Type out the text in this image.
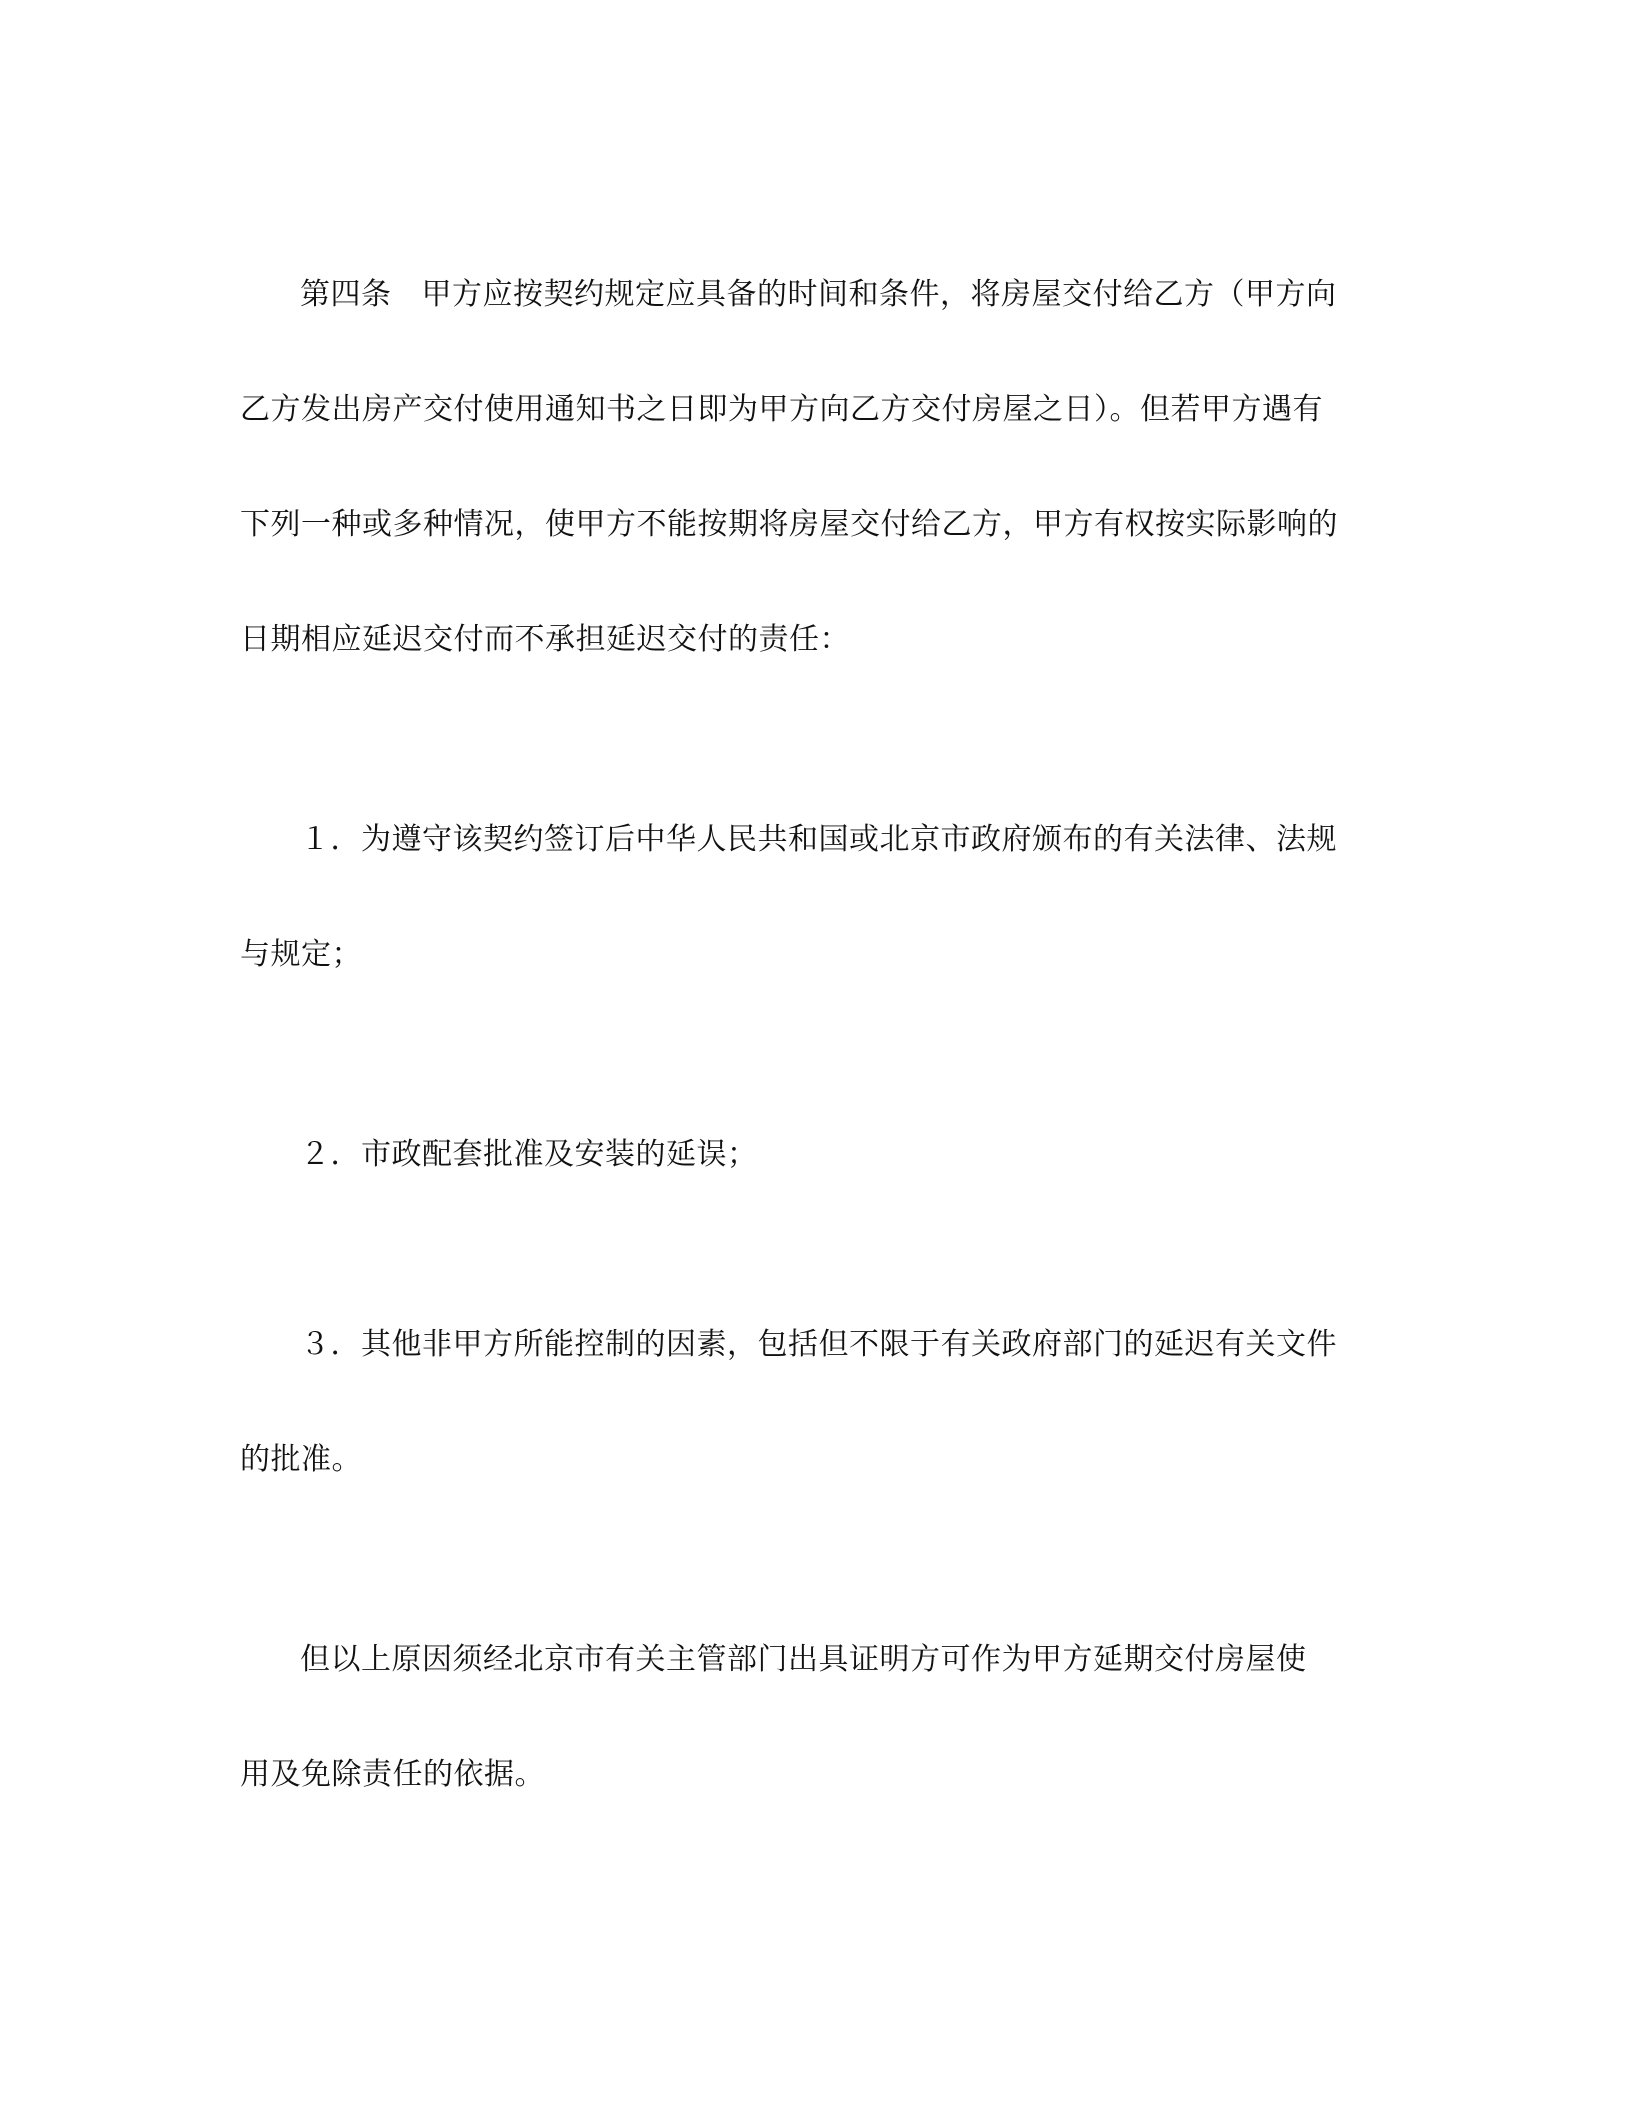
第四条 甲方应按契约规定应具备的时间和条件，将房屋交付给乙方（甲方向
乙方发出房产交付使用通知书之日即为甲方向乙方交付房屋之日）。但若甲方遇有
下列一种或多种情况，使甲方不能按期将房屋交付给乙方，甲方有权按实际影响的
日期相应延迟交付而不承担延迟交付的责任：
１．为遵守该契约签订后中华人民共和国或北京市政府颁布的有关法律、法规
与规定；
２．市政配套批准及安装的延误；
３．其他非甲方所能控制的因素，包括但不限于有关政府部门的延迟有关文件
的批准。
但以上原因须经北京市有关主管部门出具证明方可作为甲方延期交付房屋使
用及免除责任的依据。
